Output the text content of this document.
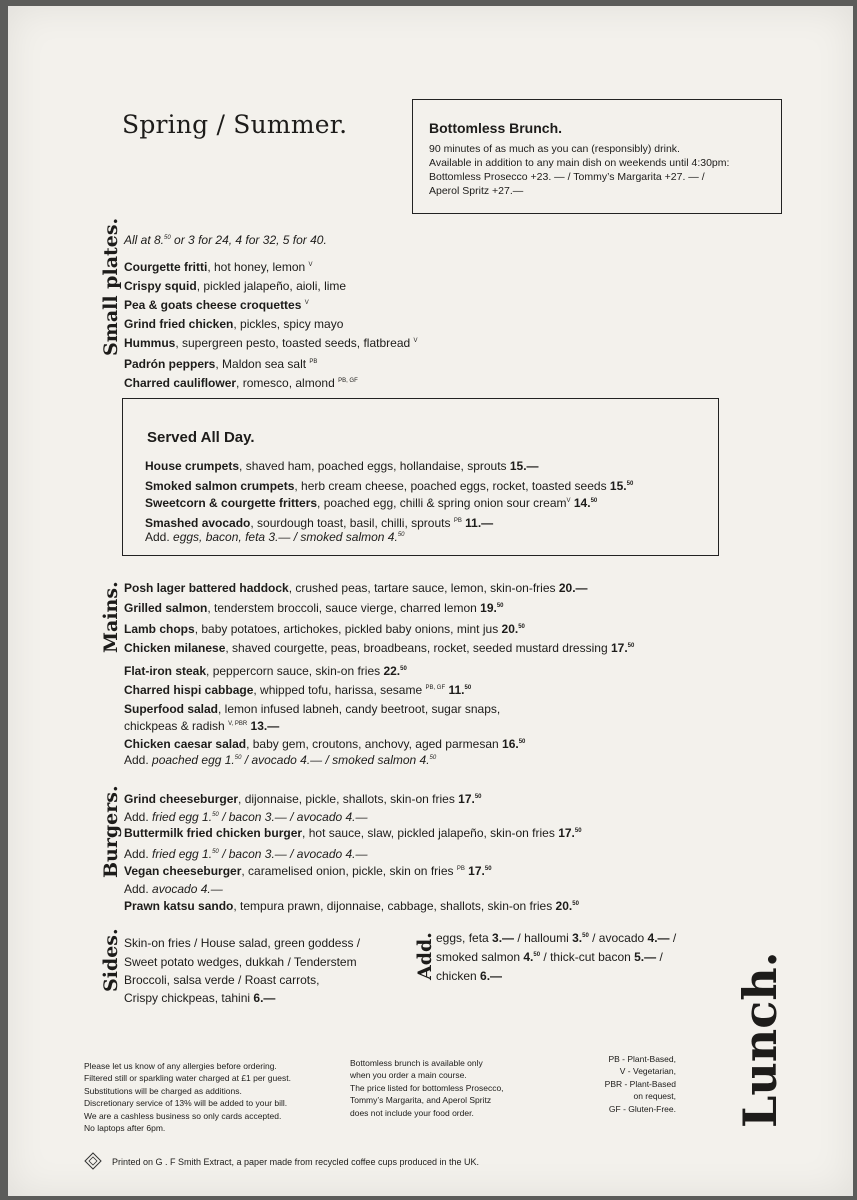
Spring / Summer.	Bottomless Brunch.
90 minutes of as much as you can (responsibly) drink.
Available in addition to any main dish on weekends until 4:30pm:
Bottomless Prosecco +23. — / Tommy’s Margarita +27. — /
Aperol Spritz +27.—
Small plates. All at 8.50 or 3 for 24, 4 for 32, 5 for 40.
Courgette fritti, hot honey, lemon $^V$
Crispy squid, pickled jalapeño, aioli, lime
Pea & goats cheese croquettes $^V$
Grind fried chicken, pickles, spicy mayo
Hummus, supergreen pesto, toasted seeds, flatbread $^V$
Padrón peppers, Maldon sea salt $^{PB}$
Charred cauliflower, romesco, almond $^{PB, GF}$
Served All Day.
House crumpets, shaved ham, poached eggs, hollandaise, sprouts 15.—
Smoked salmon crumpets, herb cream cheese, poached eggs, rocket, toasted seeds 15.50
Sweetcorn & courgette fritters, poached egg, chilli & spring onion sour cream$^V$ 14.50
Smashed avocado, sourdough toast, basil, chilli, sprouts $^{PB}$ 11.—
Add. eggs, bacon, feta 3.— / smoked salmon 4.50
Mains. Posh lager battered haddock, crushed peas, tartare sauce, lemon, skin-on-fries 20.—
Grilled salmon, tenderstem broccoli, sauce vierge, charred lemon 19.50
Lamb chops, baby potatoes, artichokes, pickled baby onions, mint jus 20.50
Chicken milanese, shaved courgette, peas, broadbeans, rocket, seeded mustard dressing 17.50
Flat-iron steak, peppercorn sauce, skin-on fries 22.50
Charred hispi cabbage, whipped tofu, harissa, sesame $^{PB, GF}$ 11.50
Superfood salad, lemon infused labneh, candy beetroot, sugar snaps,
chickpeas & radish $^{V, PBR}$ 13.—
Chicken caesar salad, baby gem, croutons, anchovy, aged parmesan 16.50
Add. poached egg 1.50 / avocado 4.— / smoked salmon 4.50
Burgers. Grind cheeseburger, dijonnaise, pickle, shallots, skin-on fries 17.50
Add. fried egg 1.50 / bacon 3.— / avocado 4.—
Buttermilk fried chicken burger, hot sauce, slaw, pickled jalapeño, skin-on fries 17.50
Add. fried egg 1.50 / bacon 3.— / avocado 4.—
Vegan cheeseburger, caramelised onion, pickle, skin on fries $^{PB}$ 17.50
Add. avocado 4.—
Prawn katsu sando, tempura prawn, dijonnaise, cabbage, shallots, skin-on fries 20.50
Sides. Skin-on fries / House salad, green goddess /
Sweet potato wedges, dukkah / Tenderstem
Broccoli, salsa verde / Roast carrots,
Crispy chickpeas, tahini 6.—
Add. eggs, feta 3.— / halloumi 3.50 / avocado 4.— /
smoked salmon 4.50 / thick-cut bacon 5.— /
chicken 6.—	Lunch.
Please let us know of any allergies before ordering.
Filtered still or sparkling water charged at £1 per guest.
Substitutions will be charged as additions.
Discretionary service of 13% will be added to your bill.
We are a cashless business so only cards accepted.
No laptops after 6pm.
Bottomless brunch is available only
when you order a main course.
The price listed for bottomless Prosecco,
Tommy’s Margarita, and Aperol Spritz
does not include your food order.
PB - Plant-Based,
V - Vegetarian,
PBR - Plant-Based
on request,
GF - Gluten-Free.
Printed on G . F Smith Extract, a paper made from recycled coffee cups produced in the UK.
